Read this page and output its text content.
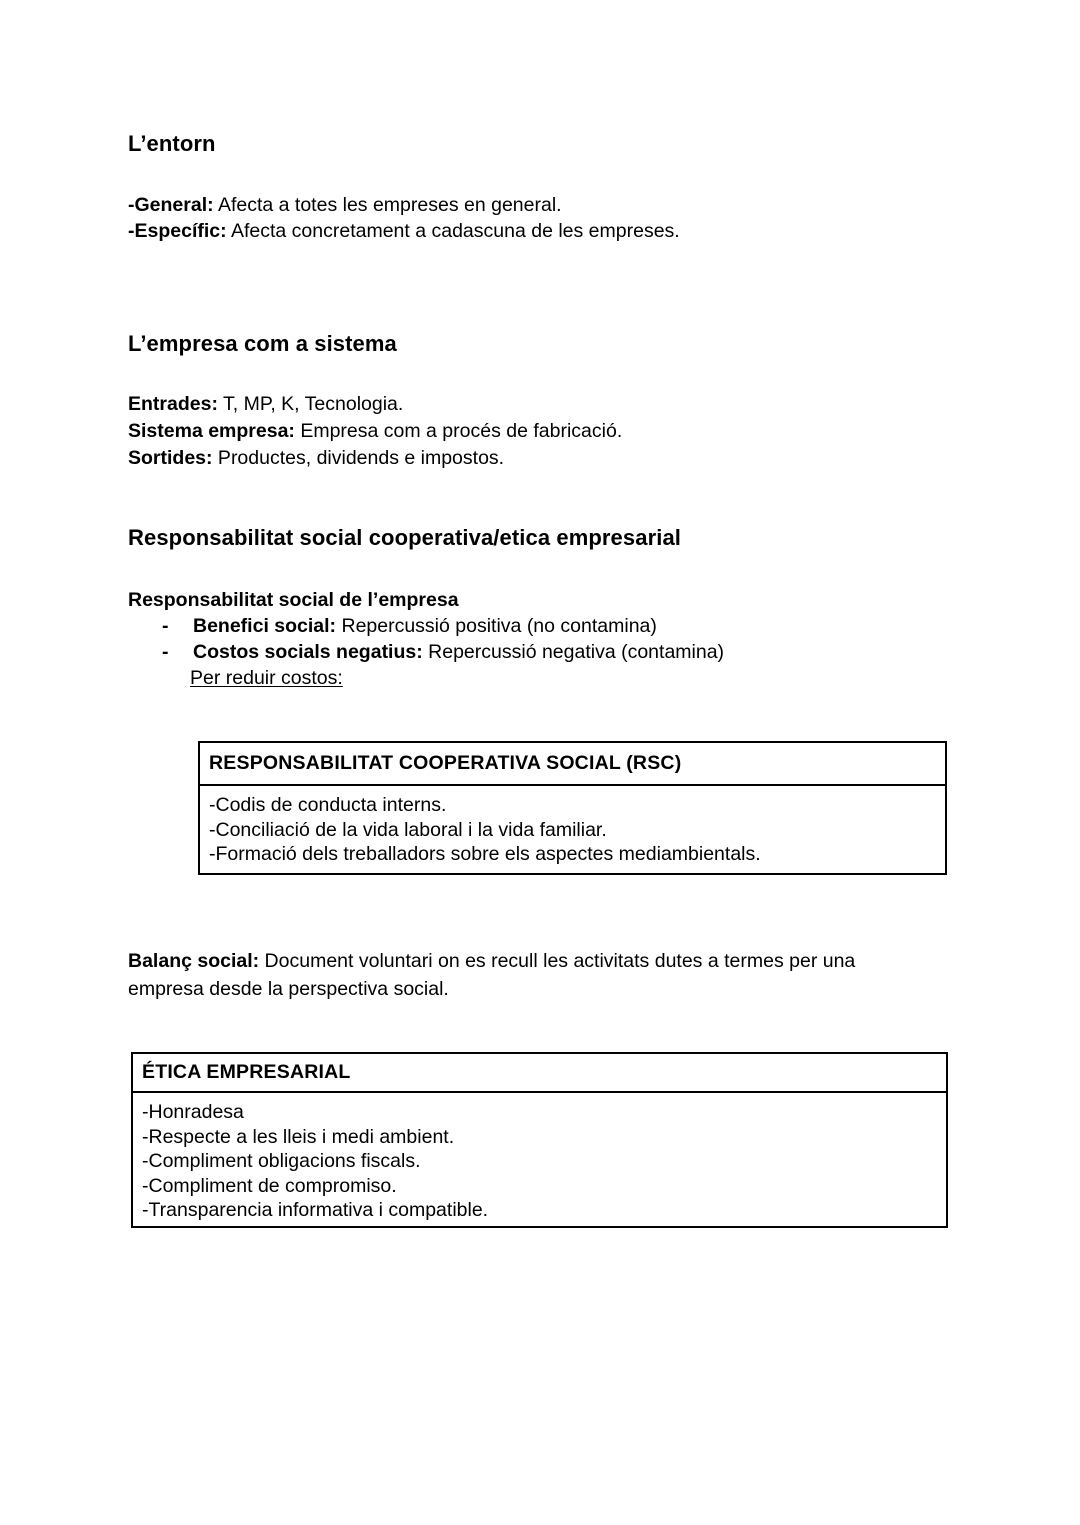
L’entorn
-General: Afecta a totes les empreses en general.
-Específic: Afecta concretament a cadascuna de les empreses.
L’empresa com a sistema
Entrades: T, MP, K, Tecnologia.
Sistema empresa: Empresa com a procés de fabricació.
Sortides: Productes, dividends e impostos.
Responsabilitat social cooperativa/etica empresarial
Responsabilitat social de l’empresa
- Benefici social: Repercussió positiva (no contamina)
- Costos socials negatius: Repercussió negativa (contamina)
Per reduir costos:
RESPONSABILITAT COOPERATIVA SOCIAL (RSC)
-Codis de conducta interns.
-Conciliació de la vida laboral i la vida familiar.
-Formació dels treballadors sobre els aspectes mediambientals.
Balanç social: Document voluntari on es recull les activitats dutes a termes per una empresa desde la perspectiva social.
ÉTICA EMPRESARIAL
-Honradesa
-Respecte a les lleis i medi ambient.
-Compliment obligacions fiscals.
-Compliment de compromiso.
-Transparencia informativa i compatible.
